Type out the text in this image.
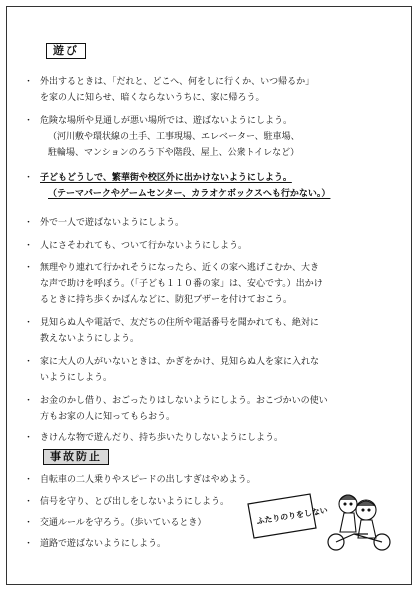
遊び
・ 外出するときは、「だれと、どこへ、何をしに行くか、いつ帰るか」
を家の人に知らせ、暗くならないうちに、家に帰ろう。
・ 危険な場所や見通しが悪い場所では、遊ばないようにしよう。
（河川敷や環状線の土手、工事現場、エレベーター、駐車場、
駐輪場、マンションのろう下や階段、屋上、公衆トイレなど）
・ 子どもどうしで、繁華街や校区外に出かけないようにしよう。
（テーマパークやゲームセンター、カラオケボックスへも行かない。）
・ 外で一人で遊ばないようにしよう。
・ 人にさそわれても、ついて行かないようにしよう。
・ 無理やり連れて行かれそうになったら、近くの家へ逃げこむか、大き
な声で助けを呼ぼう。（「子ども１１０番の家」は、安心です。）出かけ
るときに持ち歩くかばんなどに、防犯ブザーを付けておこう。
・ 見知らぬ人や電話で、友だちの住所や電話番号を聞かれても、絶対に
教えないようにしよう。
・ 家に大人の人がいないときは、かぎをかけ、見知らぬ人を家に入れな
いようにしよう。
・ お金のかし借り、おごったりはしないようにしよう。おこづかいの使い
方もお家の人に知ってもらおう。
・ きけんな物で遊んだり、持ち歩いたりしないようにしよう。
事故防止
・ 自転車の二人乗りやスピードの出しすぎはやめよう。
・ 信号を守り、とび出しをしないようにしよう。
・ 交通ルールを守ろう。（歩いているとき）
・ 道路で遊ばないようにしよう。
ふたりのりをしない
